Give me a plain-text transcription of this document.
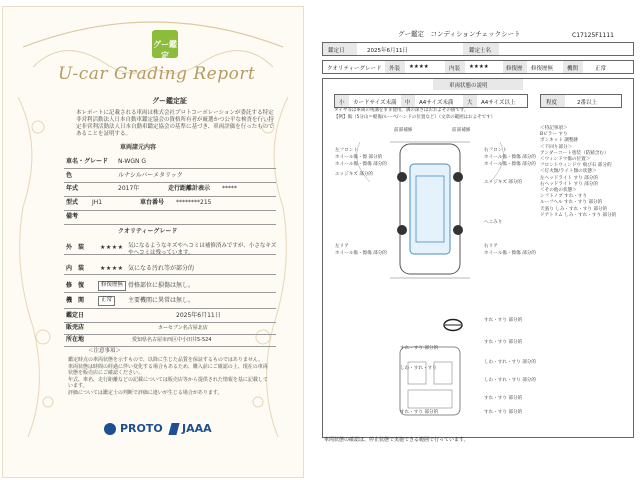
グー鑑定
U-car Grading Report
グー鑑定証
本レポートに記載される車両は株式会社プロトコーポレーションが委託する特定非営利活動法人日本自動車鑑定協会の資格所有者が厳選かつ公平な検査を行い特定非営利活動法人日本自動車鑑定協会の基準に基づき、車両評価を行ったものであることを証明する。
車両諸元内容
車名・グレード N-WGN G
色	ルナシルバーメタリック
年式	2017年	走行距離計表示 *****
型式 JH1	車台番号 ********215
備考
クオリティーグレード
外　装	★★★★ 気になるようなキズやヘコミは補修済みですが、小さなキズやヘコミは残っています。
内　装	★★★★ 気になる汚れ等が部分的
修　復	修復歴無 骨格部位に損傷は無し。
機　関	正常	主要機関に異常は無し。
鑑定日	2025年6月11日
販売店	カーセブン名古屋北店
所在地	愛知県名古屋市西区中小田井5-524
＜注意事項＞
鑑定時点の車両状態を示すもので、以降に生じた品質を保証するものではありません。
車両状態は時間の経過に伴い変化する場合もあるため、購入前にご確認の上、現在の車両状態を販売店にご確認ください。
年式、車名、走行距離などの記載については販売店等から提供された情報を基に記載しています。
評価については鑑定士の判断で評価に違いが生じる場合があります。
PROTO JAAA
グー鑑定　コンディションチェックシート	C17125F1111
鑑定日	2025年6月11日	鑑定士名
クオリティーグレード 外装 ★★★★	内装 ★★★★	修復歴 修復歴無	機関	正常
車両状態の説明
小 カードサイズ未満 中 A4サイズ未満 大 A4サイズ以上	程度	2番以上
タイヤ等は車両の残溝をまま使用。溝の深さはおおよその値です。
【例】傷（5分山＝軽傷/ルーペ/ハンドの位置など）（文章の範囲はおよそです）
前部補修	前部補修
左フロント
ホイール傷・擦 部分的
ホイール傷・擦傷 部分的
右フロント
ホイール傷・擦傷 部分的
ホイール傷・擦傷 部分的
エッジキズ 部分的
エッジキズ 部分的
へこみり
左リア
ホイール傷・擦傷 部分的
右リア
ホイール傷・擦傷 部分的
すれ・すり 部分的
すれ・すり 部分的
しわ・すれ・すり
すれ・すり 部分的
しわ・すれ・すり 部分的
しわ・すれ・すり 部分的
すれ・すり 部分的
すれ・すり 部分的	すれ・すり 部分的
＜特記事項＞
Bピラー すり
ボンネット 調整跡
＜下回り部分＞
アンダーコート塗装（防錆含む）
＜ウィンドウ傷の位置＞
フロントウィンドウ 飛び石 部分的
＜灯火類/ライト類の状態＞
左ヘッドライト すり 部分的
右ヘッドライト すり 部分的
＜その他の状態＞
シフトノブ すれ・すり
ルーフヘル すれ・すり 部分的
天張り しみ・すれ・すり 部分的
ドアトリム しみ・すれ・すり 部分的
車両状態の確認は、停止状態で実施できる範囲で行っています。
